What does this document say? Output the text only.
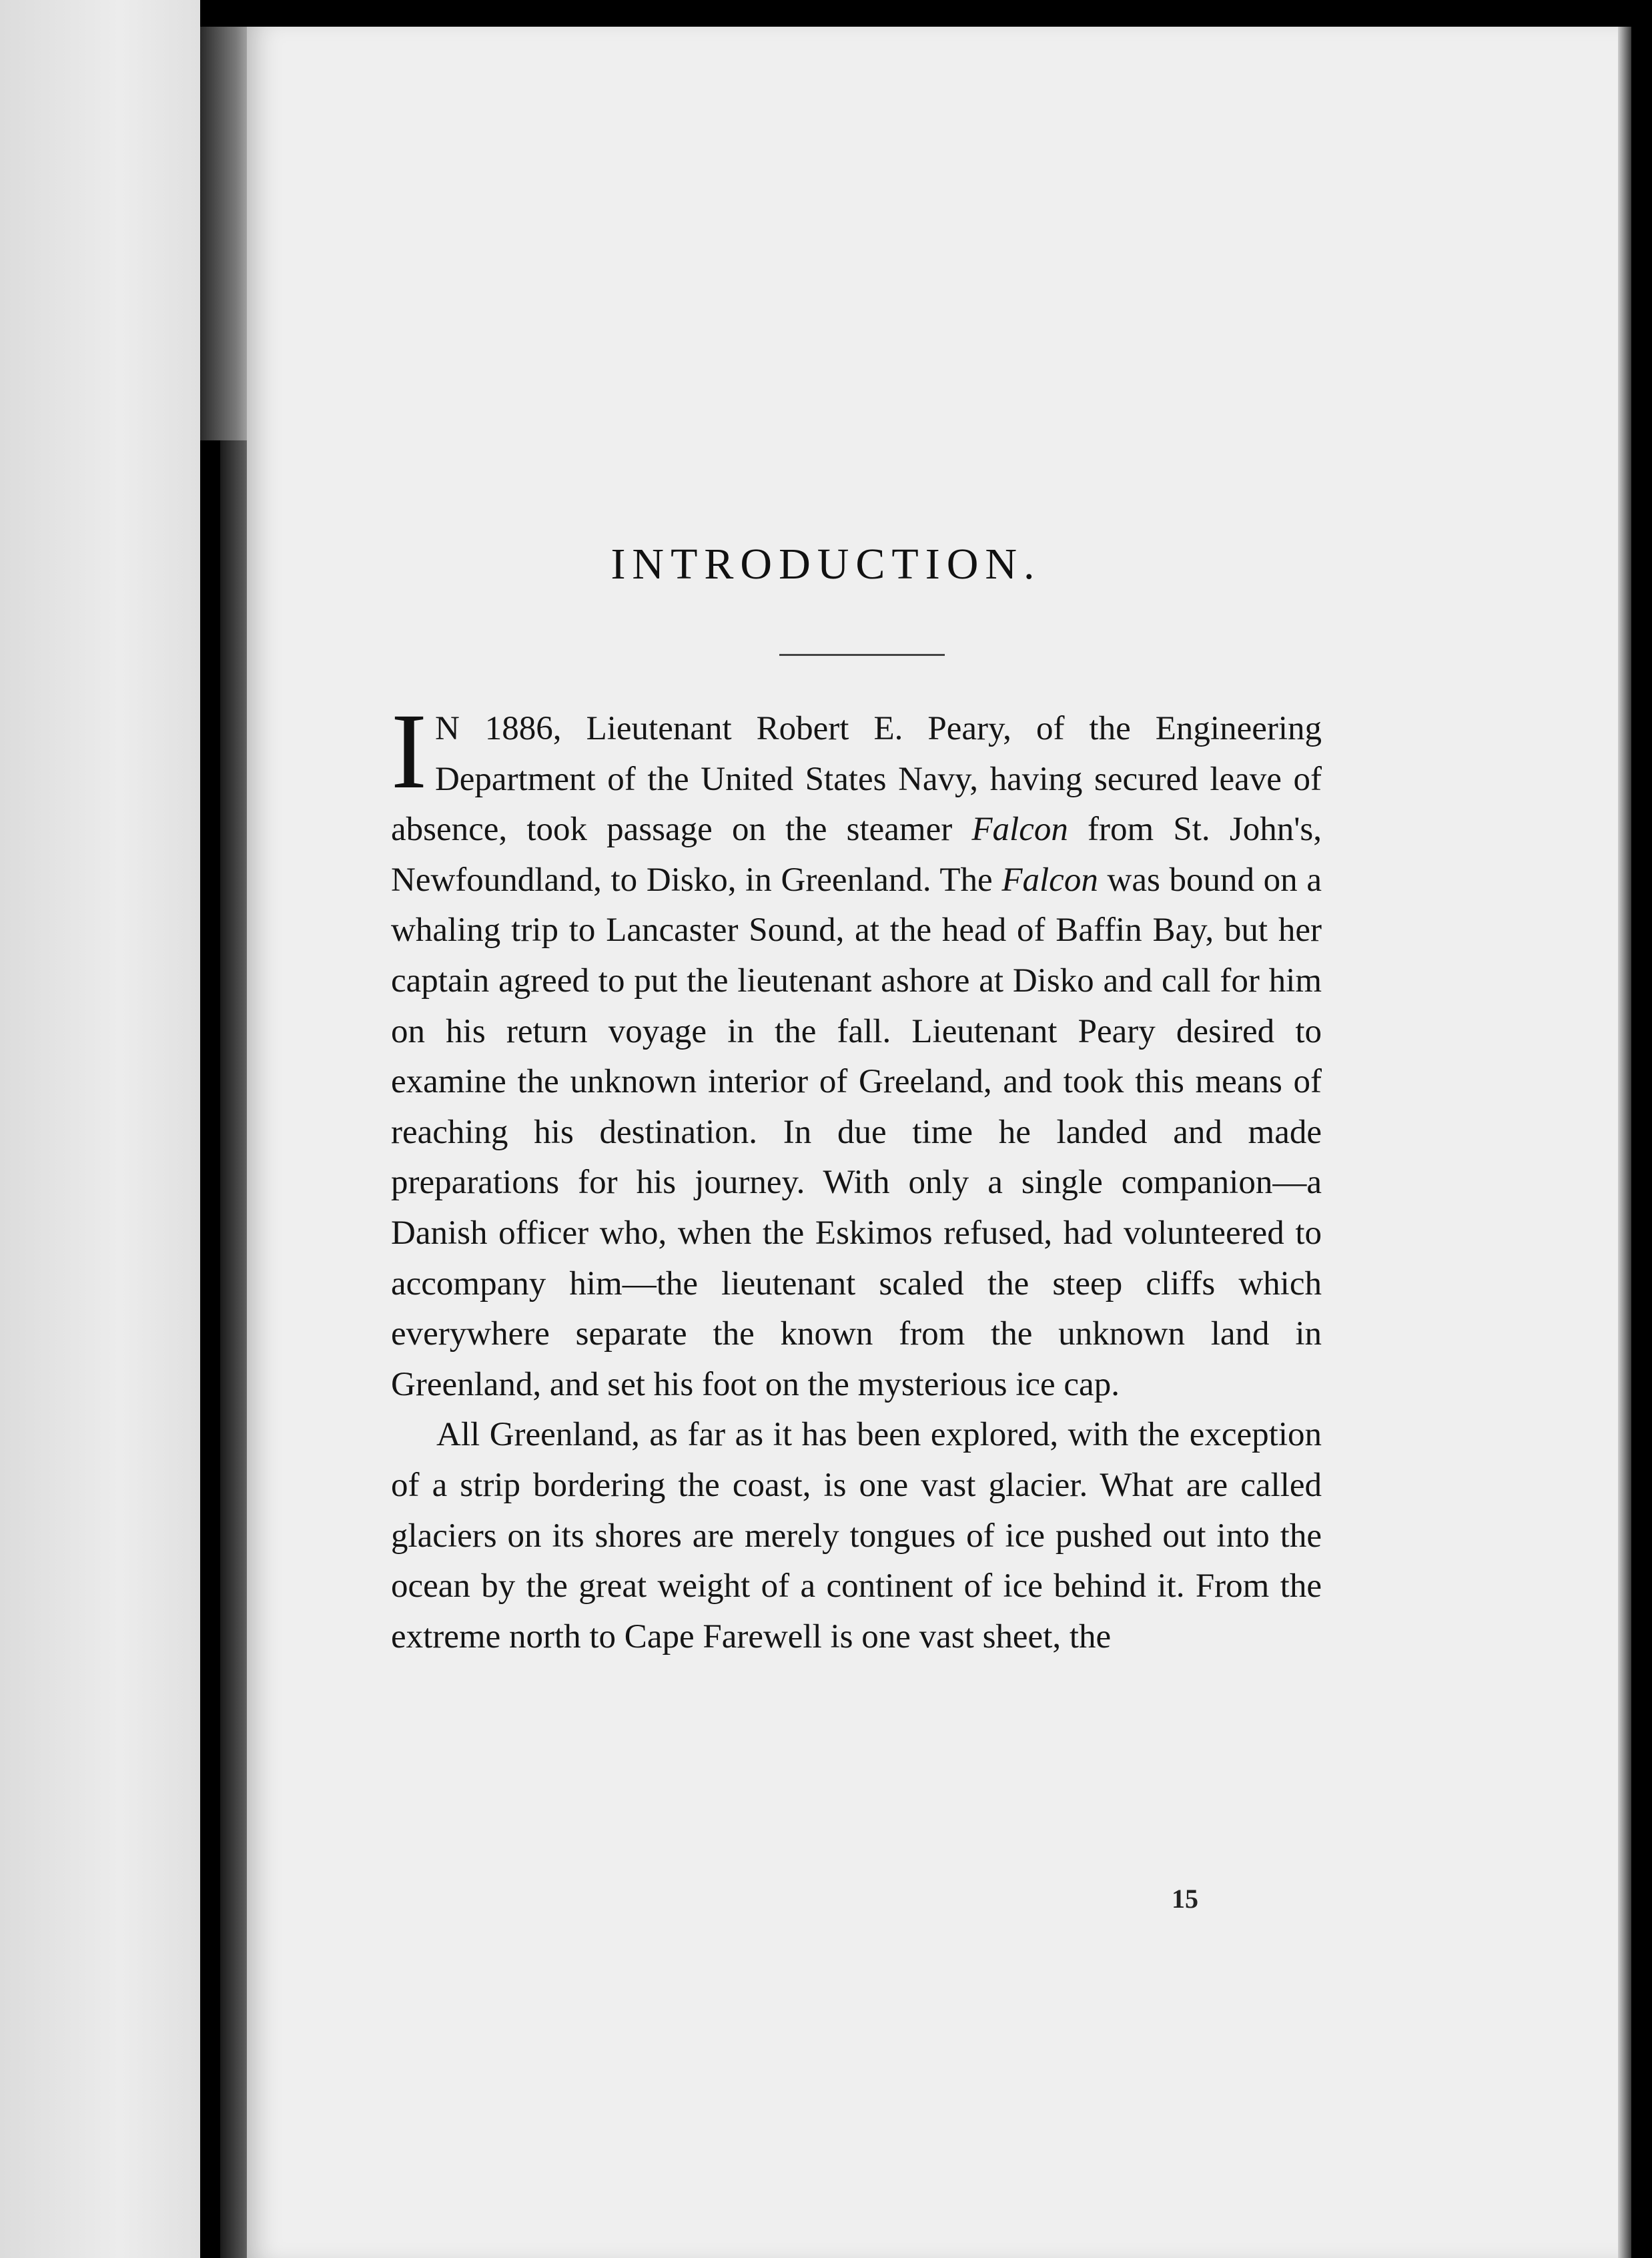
INTRODUCTION.

I N 1886, Lieutenant Robert E. Peary, of the Engineering Department of the United States Navy, having secured leave of absence, took passage on the steamer Falcon from St. John's, Newfoundland, to Disko, in Greenland. The Falcon was bound on a whaling trip to Lancaster Sound, at the head of Baffin Bay, but her captain agreed to put the lieutenant ashore at Disko and call for him on his return voyage in the fall. Lieutenant Peary desired to examine the unknown interior of Greeland, and took this means of reaching his destination. In due time he landed and made preparations for his journey. With only a single companion—a Danish officer who, when the Eskimos refused, had volunteered to accompany him—the lieutenant scaled the steep cliffs which everywhere separate the known from the unknown land in Greenland, and set his foot on the mysterious ice cap.

All Greenland, as far as it has been explored, with the exception of a strip bordering the coast, is one vast glacier. What are called glaciers on its shores are merely tongues of ice pushed out into the ocean by the great weight of a continent of ice behind it. From the extreme north to Cape Farewell is one vast sheet, the

15
